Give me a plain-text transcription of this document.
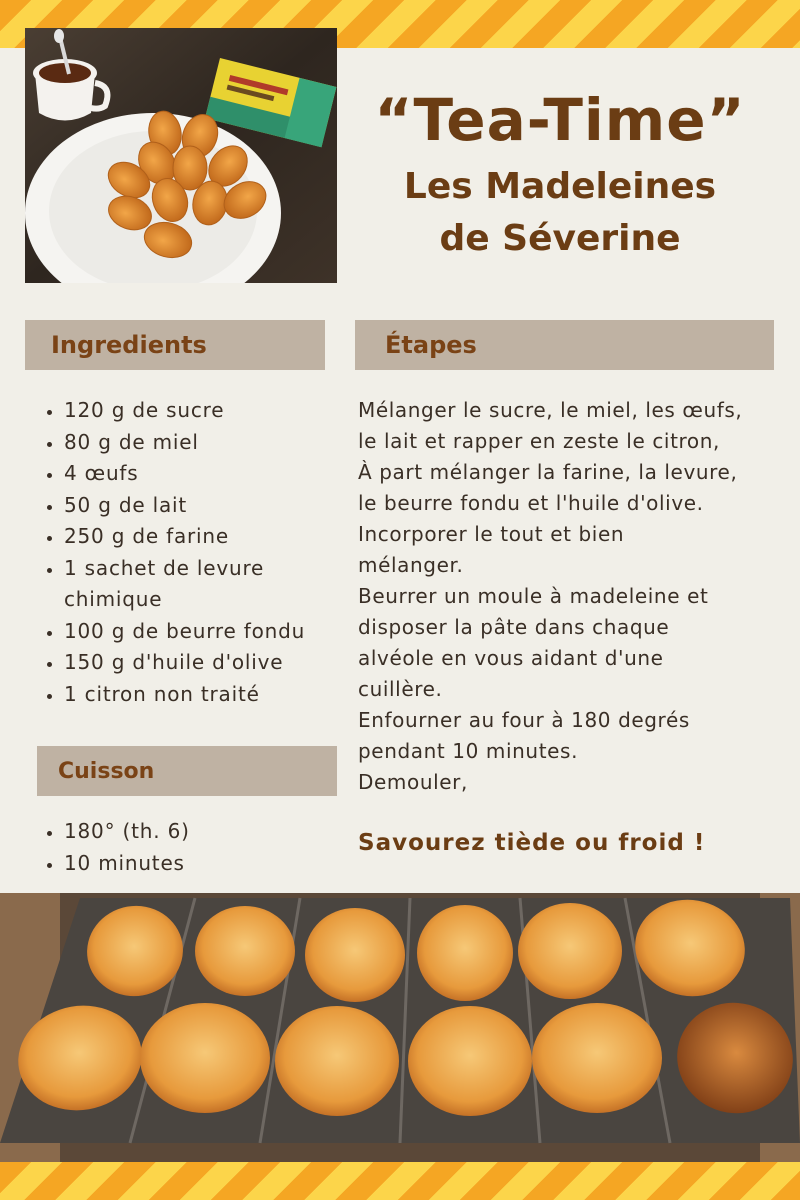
“Tea-Time”
Les Madeleines
de Séverine
Ingredients
• 120 g de sucre
• 80 g de miel
• 4 œufs
• 50 g de lait
• 250 g de farine
• 1 sachet de levure chimique
• 100 g de beurre fondu
• 150 g d'huile d'olive
• 1 citron non traité
Cuisson
• 180° (th. 6)
• 10 minutes
Étapes

Mélanger le sucre, le miel, les œufs,

le lait et rapper en zeste le citron,

À part mélanger la farine, la levure,

le beurre fondu et l'huile d'olive.

Incorporer le tout et bien

mélanger.

Beurrer un moule à madeleine et

disposer la pâte dans chaque

alvéole en vous aidant d'une

cuillère.

Enfourner au four à 180 degrés

pendant 10 minutes.

Demouler,

Savourez tiède ou froid !
